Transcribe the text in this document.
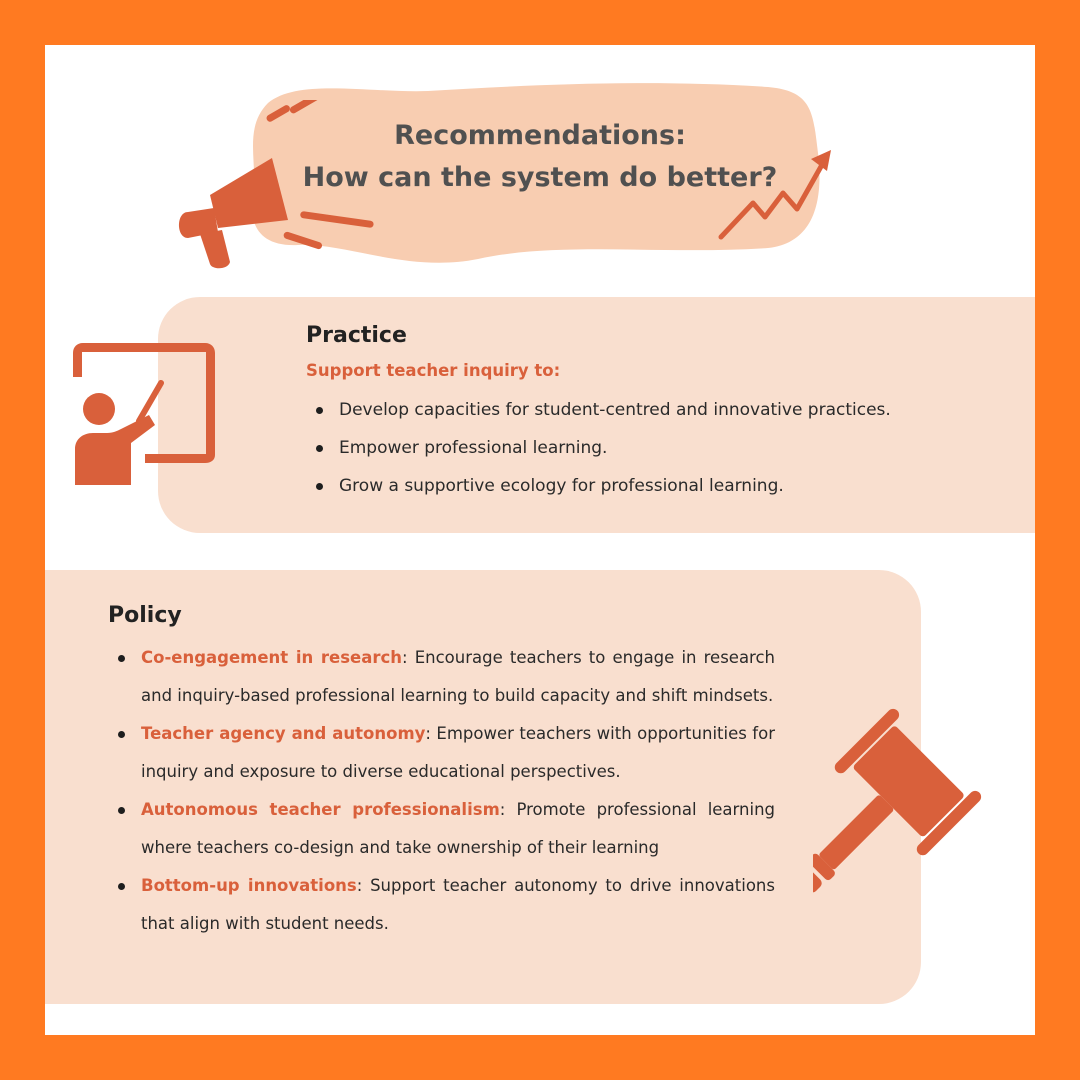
Recommendations:
How can the system do better?
Practice
Support teacher inquiry to:
Develop capacities for student-centred and innovative practices.
Empower professional learning.
Grow a supportive ecology for professional learning.
Policy
Co-engagement in research: Encourage teachers to engage in research and inquiry-based professional learning to build capacity and shift mindsets.
Teacher agency and autonomy: Empower teachers with opportunities for inquiry and exposure to diverse educational perspectives.
Autonomous teacher professionalism: Promote professional learning where teachers co-design and take ownership of their learning
Bottom-up innovations: Support teacher autonomy to drive innovations that align with student needs.
